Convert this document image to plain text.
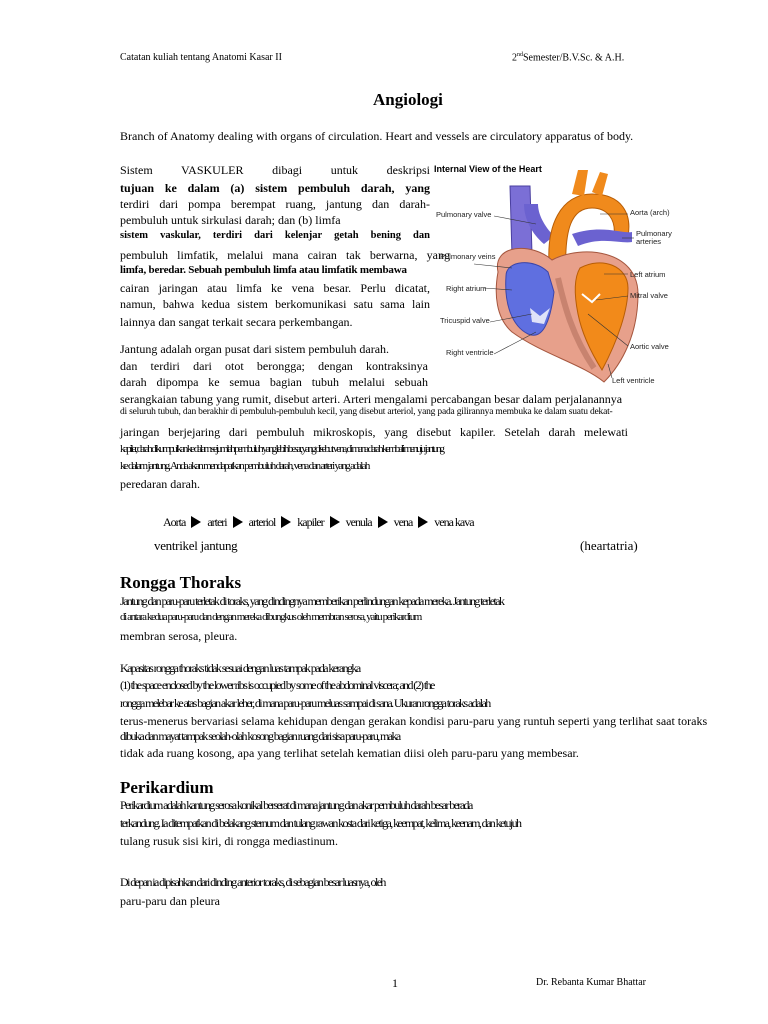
Catatan kuliah tentang Anatomi Kasar II	2ndSemester/B.V.Sc. & A.H.
Angiologi
Branch of Anatomy dealing with organs of circulation. Heart and vessels are circulatory apparatus of body.
Sistem VASKULER dibagi untuk deskripsi
tujuan ke dalam (a) sistem pembuluh darah, yang
terdiri dari pompa berempat ruang, jantung dan darah-
pembuluh untuk sirkulasi darah; dan (b) limfa
sistem vaskular, terdiri dari kelenjar getah bening dan
pembuluh limfatik, melalui mana cairan tak berwarna, yang
limfa, beredar. Sebuah pembuluh limfa atau limfatik membawa
cairan jaringan atau limfa ke vena besar. Perlu dicatat,
namun, bahwa kedua sistem berkomunikasi satu sama lain
lainnya dan sangat terkait secara perkembangan.
Jantung adalah organ pusat dari sistem pembuluh darah.
dan terdiri dari otot berongga; dengan kontraksinya
darah dipompa ke semua bagian tubuh melalui sebuah
serangkaian tabung yang rumit, disebut arteri. Arteri mengalami percabangan besar dalam perjalanannya
di seluruh tubuh, dan berakhir di pembuluh-pembuluh kecil, yang disebut arteriol, yang pada gilirannya membuka ke dalam suatu dekat-
jaringan berjejaring dari pembuluh mikroskopis, yang disebut kapiler. Setelah darah melewati
kapiler, darah dikumpulkan ke dalam sejumlah pembuluh yang lebih besar, yang disebut vena, di mana darah kembali menuju jantung
ke dalam jantung. Anda akan mendapatkan pembuluh darah, vena dan arteri yang adalah
peredaran darah.
Aorta arteri arteriol kapiler venula vena vena kava
ventrikel jantung	(heartatria)
Rongga Thoraks
Jantung dan paru-paru terletak di toraks, yang dindingnya memberikan perlindungan kepada mereka. Jantung terletak
di antara kedua paru-paru dan dengan mereka dibungkus oleh membran serosa, yaitu perikardium
membran serosa, pleura.
Kapasitas rongga thoraks tidak sesuai dengan luas tampak pada kerangka
(1) the space enclosed by the lower ribs is occupied by some of the abdominal viscera; and (2) the
rongga melebar ke atas bagian akar leher, di mana paru-paru meluas sampai di sana. Ukuran rongga toraks adalah
terus-menerus bervariasi selama kehidupan dengan gerakan kondisi paru-paru yang runtuh seperti yang terlihat saat toraks
dibuka dan mayat tampak seolah-olah kosong bagian ruang dari sisa paru-paru, maka
tidak ada ruang kosong, apa yang terlihat setelah kematian diisi oleh paru-paru yang membesar.
Perikardium
Perikardium adalah kantung serosa konikal berserat di mana jantung dan akar pembuluh darah besar berada
terkandung. Ia ditempatkan di belakang sternum dan tulang rawan kosta dari ketiga, keempat, kelima, keenam, dan ketujuh
tulang rusuk sisi kiri, di rongga mediastinum.
Di depan ia dipisahkan dari dinding anterior toraks, di sebagian besar luasnya, oleh
paru-paru dan pleura
Internal View of the Heart
Pulmonary valve
Pulmonary veins
Right atrium
Tricuspid valve
Right ventricle
Aorta (arch)
Pulmonary arteries
Left atrium
Mitral valve
Aortic valve
Left ventricle
1	Dr. Rebanta Kumar Bhattar
